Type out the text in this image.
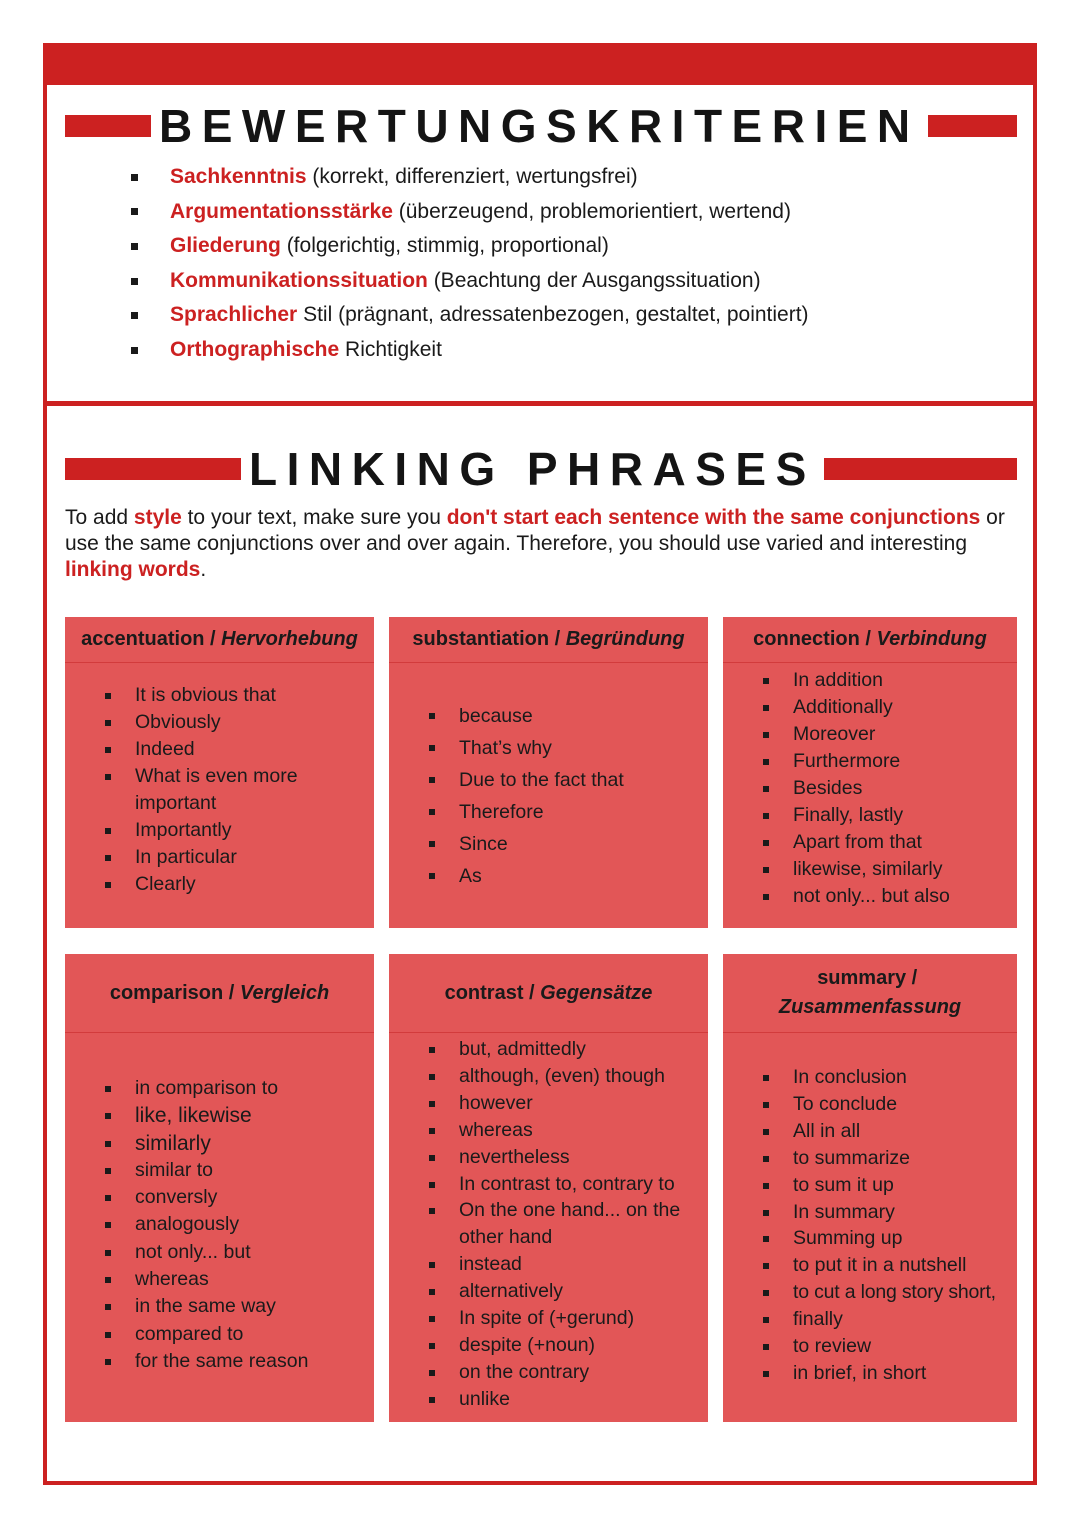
BEWERTUNGSKRITERIEN
Sachkenntnis (korrekt, differenziert, wertungsfrei)
Argumentationsstärke (überzeugend, problemorientiert, wertend)
Gliederung (folgerichtig, stimmig, proportional)
Kommunikationssituation (Beachtung der Ausgangssituation)
Sprachlicher Stil (prägnant, adressatenbezogen, gestaltet, pointiert)
Orthographische Richtigkeit
LINKING PHRASES

To add style to your text, make sure you don't start each sentence with the same conjunctions or use the same conjunctions over and over again. Therefore, you should use varied and interesting linking words.

accentuation / Hervorhebung
It is obvious that
Obviously
Indeed
What is even more
important
Importantly
In particular
Clearly
substantiation / Begründung
because
That’s why
Due to the fact that
Therefore
Since
As
connection / Verbindung
In addition
Additionally
Moreover
Furthermore
Besides
Finally, lastly
Apart from that
likewise, similarly
not only... but also
comparison / Vergleich
in comparison to
like, likewise
similarly
similar to
conversly
analogously
not only... but
whereas
in the same way
compared to
for the same reason
contrast / Gegensätze
but, admittedly
although, (even) though
however
whereas
nevertheless
In contrast to, contrary to
On the one hand... on the
other hand
instead
alternatively
In spite of (+gerund)
despite (+noun)
on the contrary
unlike
summary /
Zusammenfassung
In conclusion
To conclude
All in all
to summarize
to sum it up
In summary
Summing up
to put it in a nutshell
to cut a long story short,
finally
to review
in brief, in short
